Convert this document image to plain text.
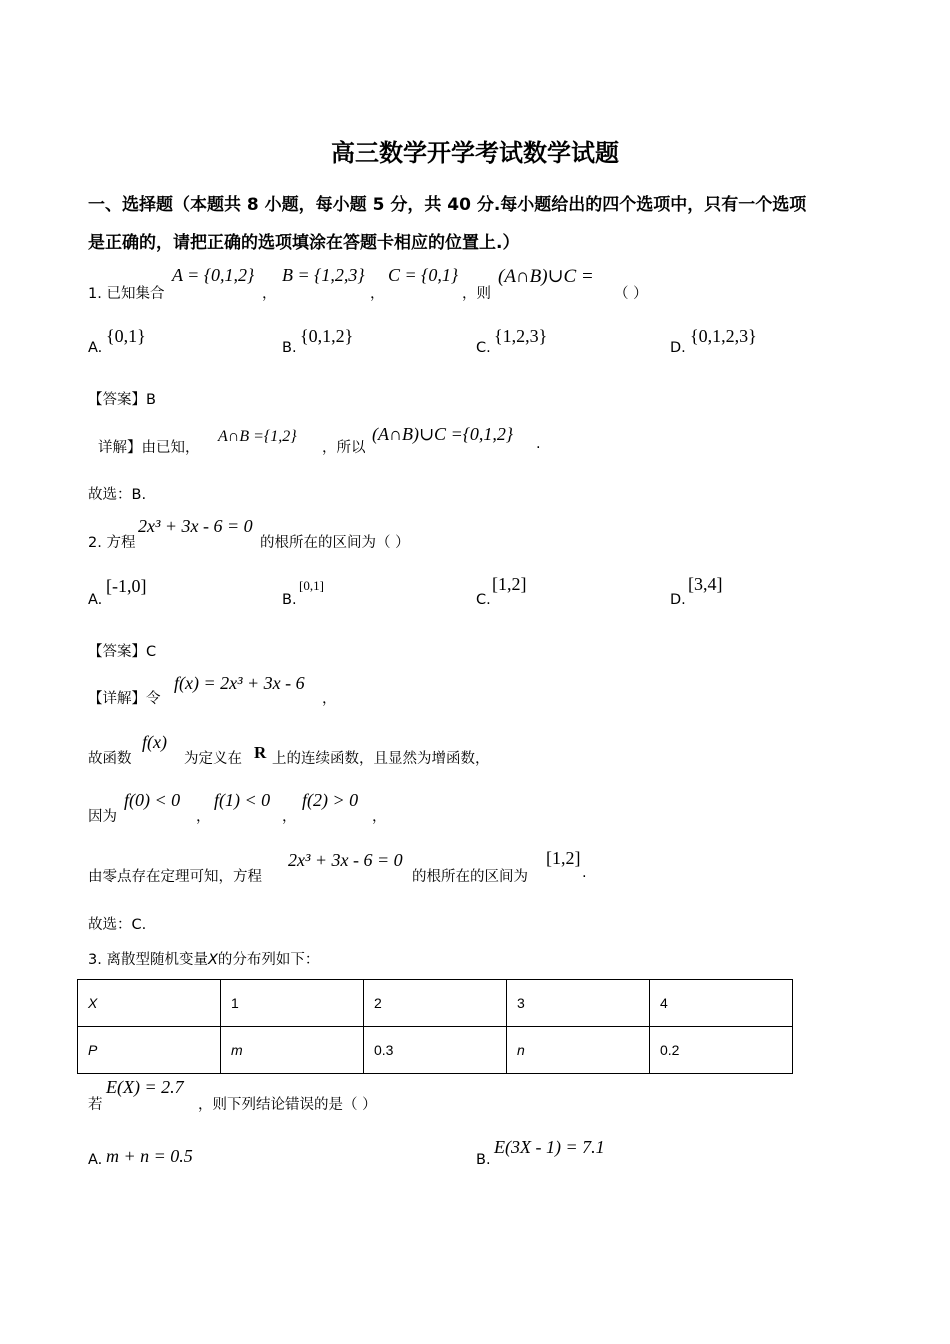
高三数学开学考试数学试题
一、选择题（本题共 8 小题，每小题 5 分，共 40 分.每小题给出的四个选项中，只有一个选项
是正确的，请把正确的选项填涂在答题卡相应的位置上.）
1. 已知集合
A = {0,1,2}
，
B = {1,2,3}
，
C = {0,1}
，则
(A∩B)∪C =
（ ）
A.
{0,1}
B.
{0,1,2}
C.
{1,2,3}
D.
{0,1,2,3}
【答案】B
详解】由已知，
A∩B ={1,2}
，所以
(A∩B)∪C ={0,1,2} .
故选：B.
2. 方程
2x³ + 3x - 6 = 0
的根所在的区间为（ ）
A.
[-1,0]
B.
[0,1]
C.
[1,2]
D.
[3,4]
【答案】C
【详解】令
f(x) = 2x³ + 3x - 6
，
故函数
f(x)
为定义在 R 上的连续函数，且显然为增函数，
因为
f(0) < 0
，
f(1) < 0
，
f(2) > 0
，
由零点存在定理可知，方程
2x³ + 3x - 6 = 0
的根所在的区间为
[1,2]
.
故选：C.
3. 离散型随机变量X的分布列如下：
X	1	2	3	4
P	m	0.3	n	0.2
若
E(X) = 2.7
，则下列结论错误的是（ ）
A. m + n = 0.5	B.
E(3X - 1) = 7.1
